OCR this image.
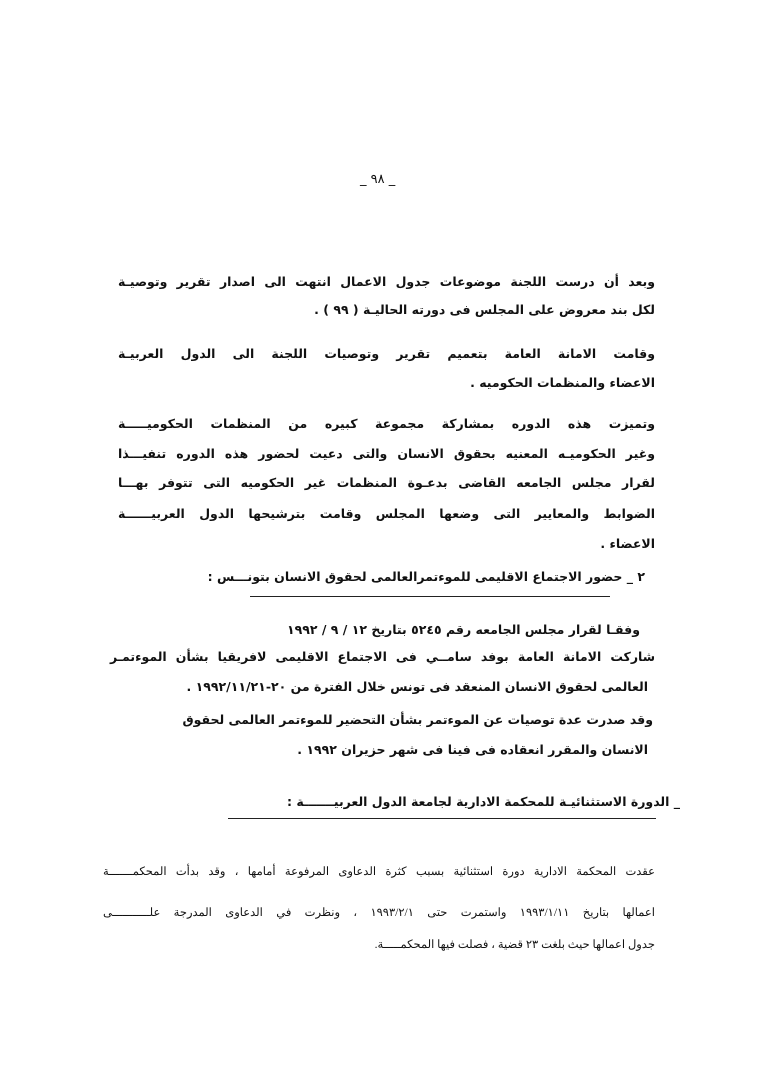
_ ٩٨ _
وبعد أن درست اللجنة موضوعات جدول الاعمال انتهت الى اصدار تقرير وتوصيـة
لكل بند معروض على المجلس فى دورته الحاليـة ( ٩٩ ) .
وقامت الامانة العامة بتعميم تقرير وتوصيات اللجنة الى الدول العربيـة
الاعضاء والمنظمات الحكوميه .
وتميزت هذه الدوره بمشاركة مجموعة كبيره من المنظمات الحكوميـــــة
وغير الحكوميـه المعنيه بحقوق الانسان والتى دعيت لحضور هذه الدوره تنفيـــذا
لقرار مجلس الجامعه القاضى بدعـوة المنظمات غير الحكوميه التى تتوفر بهـــا
الضوابط والمعايير التى وضعها المجلس وقامت بترشيحها الدول العربيــــــة
الاعضاء .
٢ _ حضور الاجتماع الاقليمى للموءتمرالعالمى لحقوق الانسان بتونـــس :
وفقـا لقرار مجلس الجامعه رقم ٥٢٤٥ بتاريخ ١٢ / ٩ / ١٩٩٢
شاركت الامانة العامة بوفد سامــي فى الاجتماع الاقليمى لافريقيا بشأن الموءتمـر
العالمى لحقوق الانسان المنعقد فى تونس خلال الفترة من ٢٠-١٩٩٢/١١/٢١ .
وقد صدرت عدة توصيات عن الموءتمر بشأن التحضير للموءتمر العالمى لحقوق
الانسان والمقرر انعقاده فى فينا فى شهر حزيران ١٩٩٢ .
_ الدورة الاستثنائيـة للمحكمة الادارية لجامعة الدول العربيـــــــة :
عقدت المحكمة الادارية دورة استثنائية بسبب كثرة الدعاوى المرفوعة أمامها ، وقد بدأت المحكمـــــــة
اعمالها بتاريخ ١٩٩٣/١/١١ واستمرت حتى ١٩٩٣/٢/١ ، ونظرت في الدعاوى المدرجة علـــــــــــى
جدول اعمالها حيث بلغت ٢٣ قضية ، فصلت فيها المحكمـــــة.
